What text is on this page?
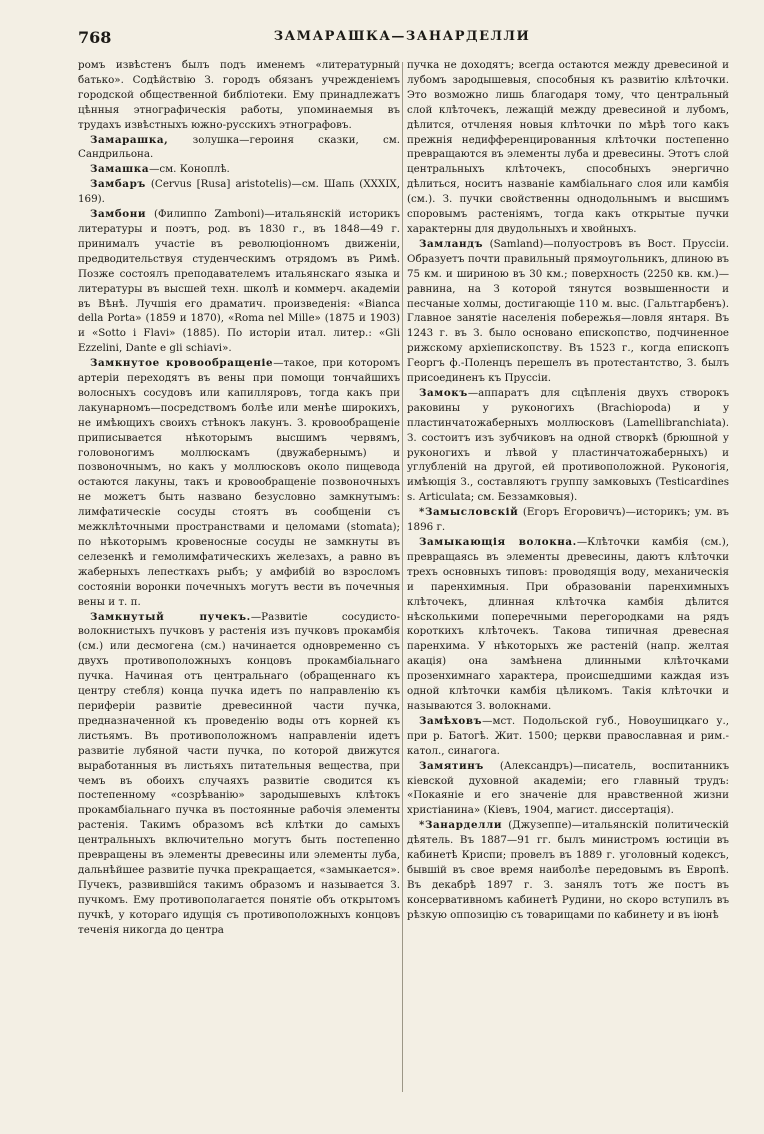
768	ЗАМАРАШКА—ЗАНАРДЕЛЛИ

ромъ извѣстенъ былъ подъ именемъ «литературный батько». Содѣйствію З. городъ обязанъ учрежденіемъ городской общественной библіотеки. Ему принадлежатъ цѣнныя этнографическія работы, упоминаемыя въ трудахъ извѣстныхъ южно-русскихъ этнографовъ.

Замарашка, золушка—героиня сказки, см. Сандрильона.

Замашка—см. Коноплѣ.

Замбаръ (Cervus [Rusa] aristotelis)—см. Шапь (XXXIX, 169).

Замбони (Филиппо Zamboni)—итальянскій историкъ литературы и поэтъ, род. въ 1830 г., въ 1848—49 г. принималъ участіе въ революціонномъ движеніи, предводительствуя студенческимъ отрядомъ въ Римѣ. Позже состоялъ преподавателемъ итальянскаго языка и литературы въ высшей техн. школѣ и коммерч. академіи въ Вѣнѣ. Лучшія его драматич. произведенія: «Bianca della Porta» (1859 и 1870), «Roma nel Mille» (1875 и 1903) и «Sotto i Flavi» (1885). По исторіи итал. литер.: «Gli Ezzelini, Dante e gli schiavi».

Замкнутое кровообращеніе—такое, при которомъ артеріи переходятъ въ вены при помощи тончайшихъ волосныхъ сосудовъ или капилляровъ, тогда какъ при лакунарномъ—посредствомъ болѣе или менѣе широкихъ, не имѣющихъ своихъ стѣнокъ лакунъ. З. кровообращеніе приписывается нѣкоторымъ высшимъ червямъ, головоногимъ моллюскамъ (двужабернымъ) и позвоночнымъ, но какъ у моллюсковъ около пищевода остаются лакуны, такъ и кровообращеніе позвоночныхъ не можетъ быть названо безусловно замкнутымъ: лимфатическіе сосуды стоятъ въ сообщеніи съ межклѣточными пространствами и целомами (stomata); по нѣкоторымъ кровеносные сосуды не замкнуты въ селезенкѣ и гемолимфатическихъ железахъ, а равно въ жаберныхъ лепесткахъ рыбъ; у амфибій во взросломъ состояніи воронки почечныхъ могутъ вести въ почечныя вены и т. п.

Замкнутый пучекъ.—Развитіе сосудисто-волокнистыхъ пучковъ у растенія изъ пучковъ прокамбія (см.) или десмогена (см.) начинается одновременно съ двухъ противоположныхъ концовъ прокамбіальнаго пучка. Начиная отъ центральнаго (обращеннаго къ центру стебля) конца пучка идетъ по направленію къ периферіи развитіе древесинной части пучка, предназначенной къ проведенію воды отъ корней къ листьямъ. Въ противоположномъ направленіи идетъ развитіе лубяной части пучка, по которой движутся выработанныя въ листьяхъ питательныя вещества, при чемъ въ обоихъ случаяхъ развитіе сводится къ постепенному «созрѣванію» зародышевыхъ клѣтокъ прокамбіальнаго пучка въ постоянные рабочія элементы растенія. Такимъ образомъ всѣ клѣтки до самыхъ центральныхъ включительно могутъ быть постепенно превращены въ элементы древесины или элементы луба, дальнѣйшее развитіе пучка прекращается, «замыкается». Пучекъ, развившійся такимъ образомъ и называется З. пучкомъ. Ему противополагается понятіе объ открытомъ пучкѣ, у котораго идущія съ противоположныхъ концовъ теченія никогда до центра

пучка не доходятъ; всегда остаются между древесиной и лубомъ зародышевыя, способныя къ развитію клѣточки. Это возможно лишь благодаря тому, что центральный слой клѣточекъ, лежащій между древесиной и лубомъ, дѣлится, отчленяя новыя клѣточки по мѣрѣ того какъ прежнія недифференцированныя клѣточки постепенно превращаются въ элементы луба и древесины. Этотъ слой центральныхъ клѣточекъ, способныхъ энергично дѣлиться, носитъ названіе камбіальнаго слоя или камбія (см.). З. пучки свойственны однодольнымъ и высшимъ споровымъ растеніямъ, тогда какъ открытые пучки характерны для двудольныхъ и хвойныхъ.

Замландъ (Samland)—полуостровъ въ Вост. Пруссіи. Образуетъ почти правильный прямоугольникъ, длиною въ 75 км. и шириною въ 30 км.; поверхность (2250 кв. км.)—равнина, на З которой тянутся возвышенности и песчаные холмы, достигающіе 110 м. выс. (Гальтгарбенъ). Главное занятіе населенія побережья—ловля янтаря. Въ 1243 г. въ З. было основано епископство, подчиненное рижскому архіепископству. Въ 1523 г., когда епископъ Георгъ ф.-Поленцъ перешелъ въ протестантство, З. былъ присоединенъ къ Пруссіи.

Замокъ—аппаратъ для сцѣпленія двухъ створокъ раковины у руконогихъ (Brachiopoda) и у пластинчатожаберныхъ моллюсковъ (Lamellibranchiata). З. состоитъ изъ зубчиковъ на одной створкѣ (брюшной у руконогихъ и лѣвой у пластинчатожаберныхъ) и углубленій на другой, ей противоположной. Руконогія, имѣющія З., составляютъ группу замковыхъ (Testicardines s. Articulata; см. Беззамковыя).

*Замысловскій (Егоръ Егоровичъ)—историкъ; ум. въ 1896 г.

Замыкающія волокна.—Клѣточки камбія (см.), превращаясь въ элементы древесины, даютъ клѣточки трехъ основныхъ типовъ: проводящія воду, механическія и паренхимныя. При образованіи паренхимныхъ клѣточекъ, длинная клѣточка камбія дѣлится нѣсколькими поперечными перегородками на рядъ короткихъ клѣточекъ. Такова типичная древесная паренхима. У нѣкоторыхъ же растеній (напр. желтая акація) она замѣнена длинными клѣточками прозенхимнаго характера, происшедшими каждая изъ одной клѣточки камбія цѣликомъ. Такія клѣточки и называются З. волокнами.

Замѣховъ—мст. Подольской губ., Новоушицкаго у., при р. Батогѣ. Жит. 1500; церкви православная и рим.-катол., синагога.

Замятинъ (Александръ)—писатель, воспитанникъ кіевской духовной академіи; его главный трудъ: «Покаяніе и его значеніе для нравственной жизни христіанина» (Кіевъ, 1904, магист. диссертація).

*Занарделли (Джузеппе)—итальянскій политическій дѣятель. Въ 1887—91 гг. былъ министромъ юстиціи въ кабинетѣ Криспи; провелъ въ 1889 г. уголовный кодексъ, бывшій въ свое время наиболѣе передовымъ въ Европѣ. Въ декабрѣ 1897 г. З. занялъ тотъ же постъ въ консервативномъ кабинетѣ Рудини, но скоро вступилъ въ рѣзкую оппозицію съ товарищами по кабинету и въ іюнѣ
